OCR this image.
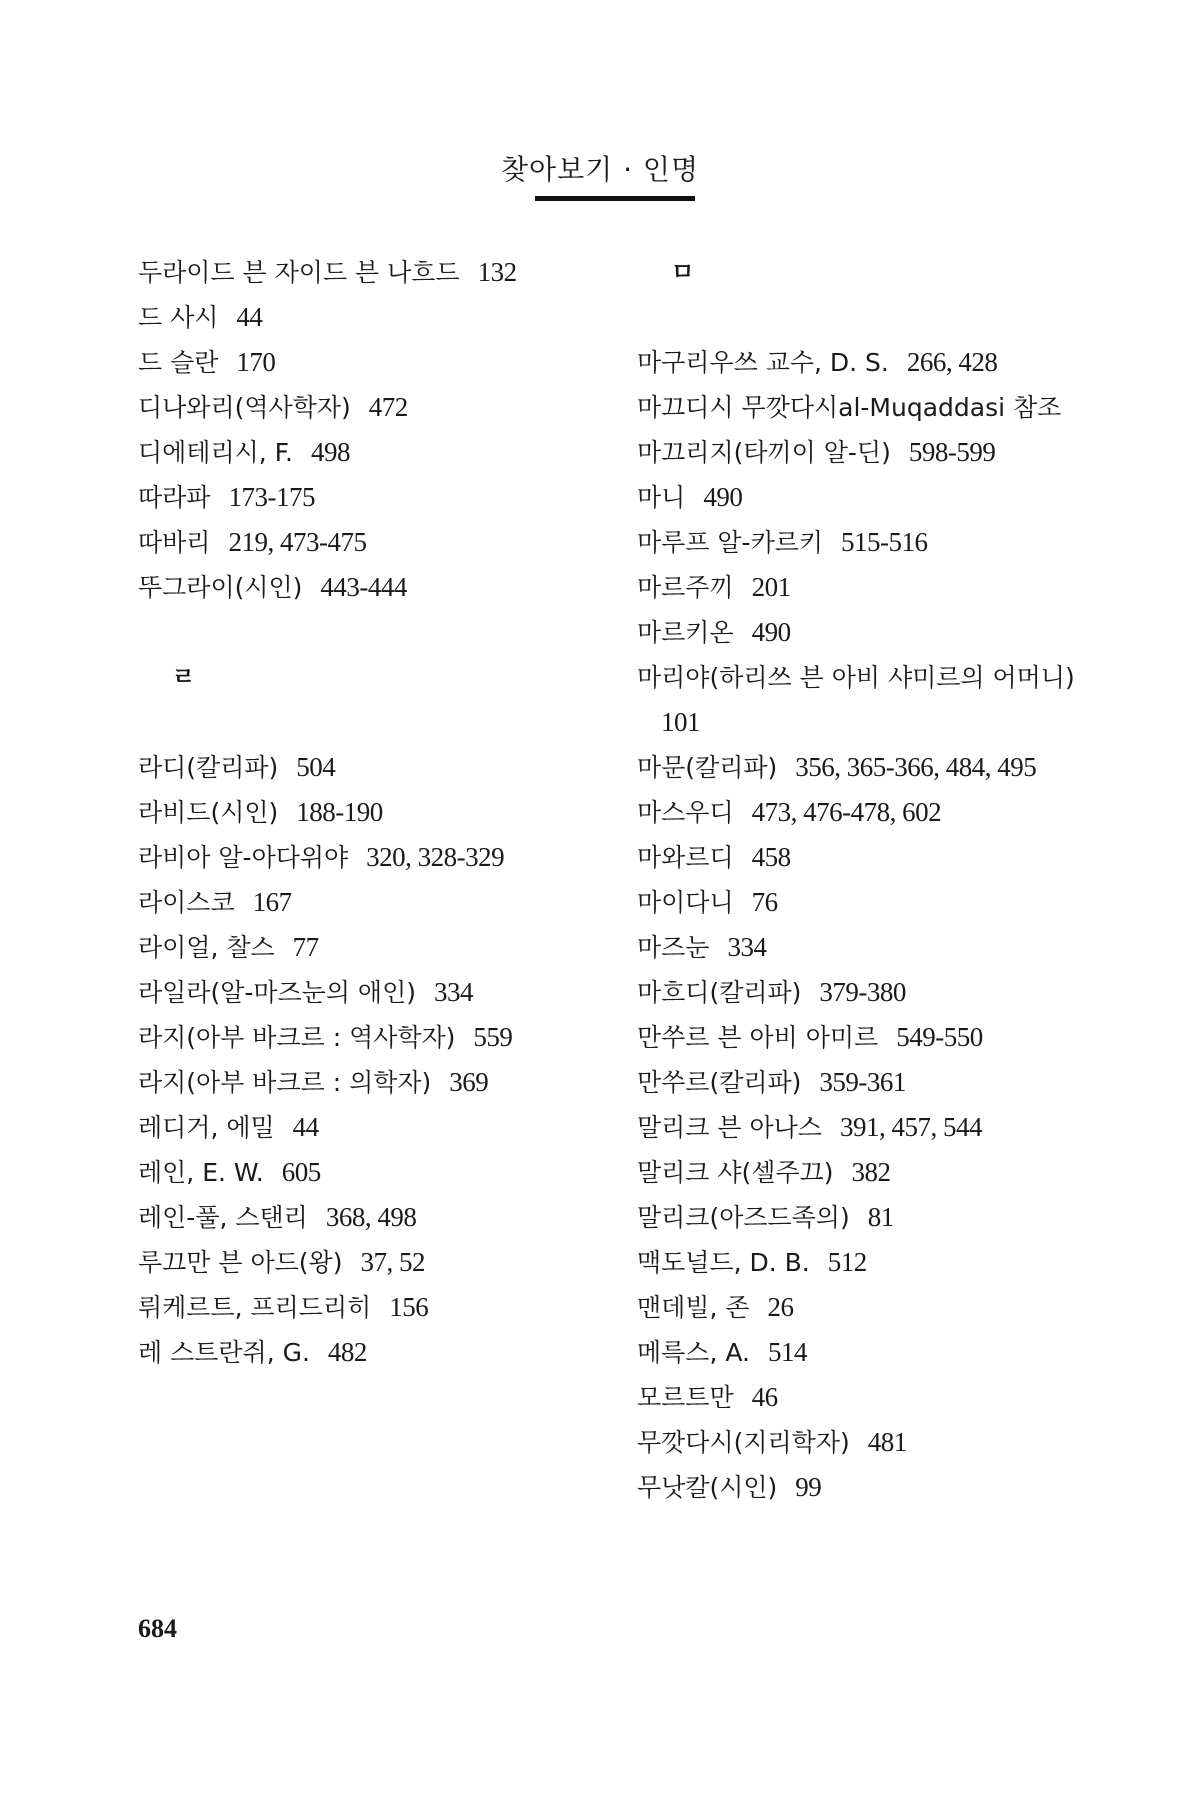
찾아보기 · 인명
두라이드 븐 자이드 븐 나흐드 132
드 사시 44
드 슬란 170
디나와리(역사학자) 472
디에테리시, F. 498
따라파 173-175
따바리 219, 473-475
뚜그라이(시인) 443-444
ㄹ
라디(칼리파) 504
라비드(시인) 188-190
라비아 알-아다위야 320, 328-329
라이스코 167
라이얼, 찰스 77
라일라(알-마즈눈의 애인) 334
라지(아부 바크르 : 역사학자) 559
라지(아부 바크르 : 의학자) 369
레디거, 에밀 44
레인, E. W. 605
레인-풀, 스탠리 368, 498
루끄만 븐 아드(왕) 37, 52
뤼케르트, 프리드리히 156
레 스트란쥐, G. 482
ㅁ
마구리우쓰 교수, D. S. 266, 428
마끄디시 무깟다시al-Muqaddasi 참조
마끄리지(타끼이 알-딘) 598-599
마니 490
마루프 알-카르키 515-516
마르주끼 201
마르키온 490
마리야(하리쓰 븐 아비 샤미르의 어머니)
101
마문(칼리파) 356, 365-366, 484, 495
마스우디 473, 476-478, 602
마와르디 458
마이다니 76
마즈눈 334
마흐디(칼리파) 379-380
만쑤르 븐 아비 아미르 549-550
만쑤르(칼리파) 359-361
말리크 븐 아나스 391, 457, 544
말리크 샤(셀주끄) 382
말리크(아즈드족의) 81
맥도널드, D. B. 512
맨데빌, 존 26
메륵스, A. 514
모르트만 46
무깟다시(지리학자) 481
무낫칼(시인) 99
684
